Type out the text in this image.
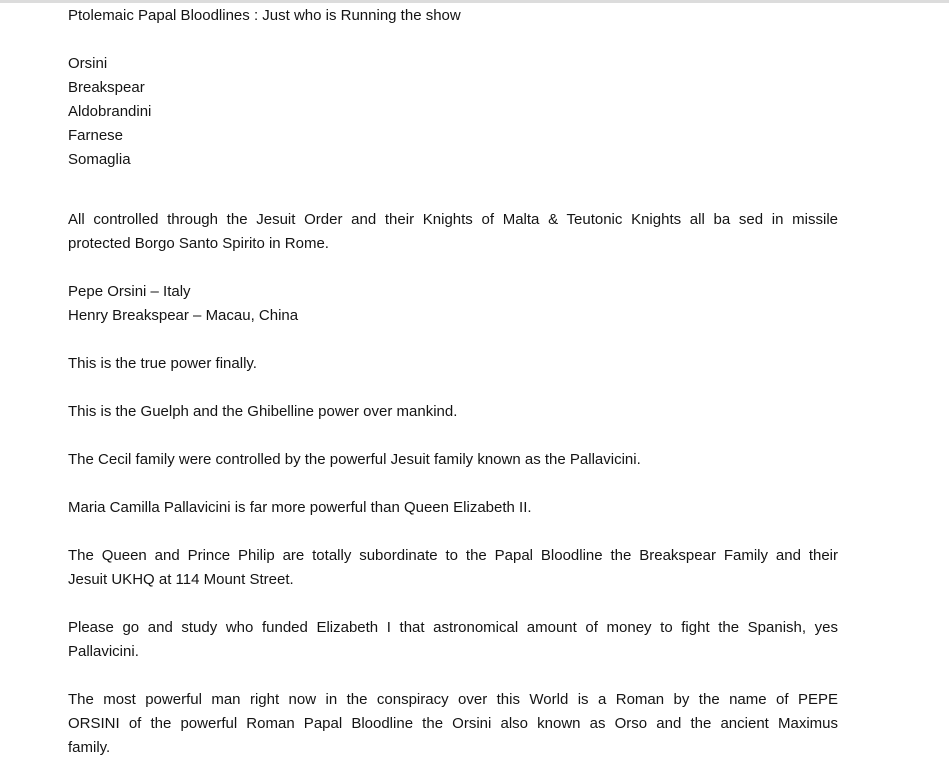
Ptolemaic Papal Bloodlines : Just who is Running the show
Orsini
Breakspear
Aldobrandini
Farnese
Somaglia
All controlled through the Jesuit Order and their Knights of Malta & Teutonic Knights all ba sed in missile
protected Borgo Santo Spirito in Rome.
Pepe Orsini – Italy
Henry Breakspear – Macau, China
This is the true power finally.
This is the Guelph and the Ghibelline power over mankind.
The Cecil family were controlled by the powerful Jesuit family known as the Pallavicini.
Maria Camilla Pallavicini is far more powerful than Queen Elizabeth II.
The Queen and Prince Philip are totally subordinate to the Papal Bloodline the Breakspear Family and their
Jesuit UKHQ at 114 Mount Street.
Please go and study who funded Elizabeth I that astronomical amount of money to fight the Spanish, yes
Pallavicini.
The most powerful man right now in the conspiracy over this World is a Roman by the name of PEPE
ORSINI of the powerful Roman Papal Bloodline the Orsini also known as Orso and the ancient Maximus
family.
